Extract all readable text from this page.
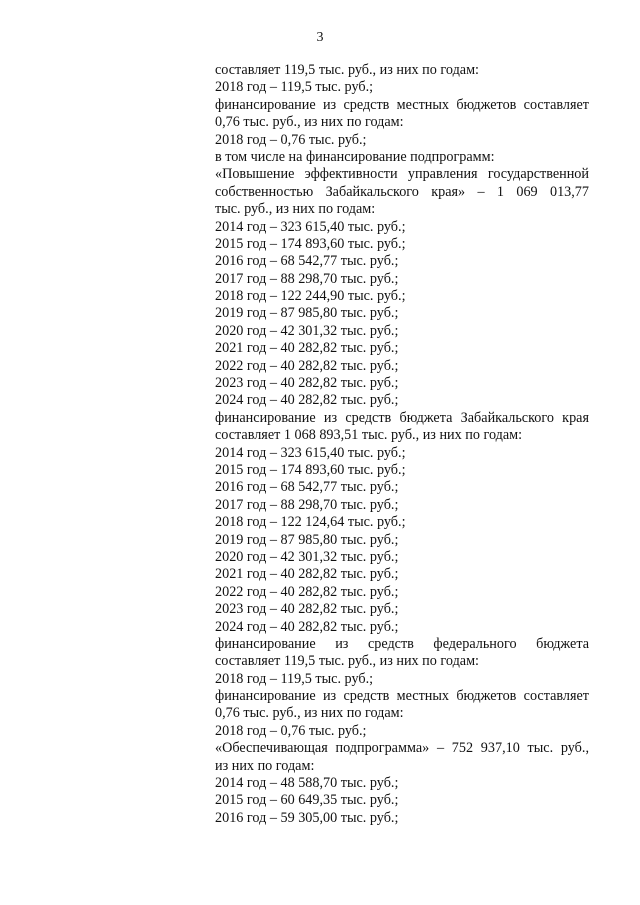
3
составляет 119,5 тыс. руб., из них по годам:
2018 год – 119,5 тыс. руб.;
финансирование из средств местных бюджетов составляет
0,76 тыс. руб., из них по годам:
2018 год – 0,76 тыс. руб.;
в том числе на финансирование подпрограмм:
«Повышение эффективности управления государственной
собственностью Забайкальского края» – 1 069 013,77
тыс. руб., из них по годам:
2014 год – 323 615,40 тыс. руб.;
2015 год – 174 893,60 тыс. руб.;
2016 год – 68 542,77 тыс. руб.;
2017 год – 88 298,70 тыс. руб.;
2018 год – 122 244,90 тыс. руб.;
2019 год – 87 985,80 тыс. руб.;
2020 год – 42 301,32 тыс. руб.;
2021 год – 40 282,82 тыс. руб.;
2022 год – 40 282,82 тыс. руб.;
2023 год – 40 282,82 тыс. руб.;
2024 год – 40 282,82 тыс. руб.;
финансирование из средств бюджета Забайкальского края
составляет 1 068 893,51 тыс. руб., из них по годам:
2014 год – 323 615,40 тыс. руб.;
2015 год – 174 893,60 тыс. руб.;
2016 год – 68 542,77 тыс. руб.;
2017 год – 88 298,70 тыс. руб.;
2018 год – 122 124,64 тыс. руб.;
2019 год – 87 985,80 тыс. руб.;
2020 год – 42 301,32 тыс. руб.;
2021 год – 40 282,82 тыс. руб.;
2022 год – 40 282,82 тыс. руб.;
2023 год – 40 282,82 тыс. руб.;
2024 год – 40 282,82 тыс. руб.;
финансирование из средств федерального бюджета
составляет 119,5 тыс. руб., из них по годам:
2018 год – 119,5 тыс. руб.;
финансирование из средств местных бюджетов составляет
0,76 тыс. руб., из них по годам:
2018 год – 0,76 тыс. руб.;
«Обеспечивающая подпрограмма» – 752 937,10 тыс. руб.,
из них по годам:
2014 год – 48 588,70 тыс. руб.;
2015 год – 60 649,35 тыс. руб.;
2016 год – 59 305,00 тыс. руб.;
